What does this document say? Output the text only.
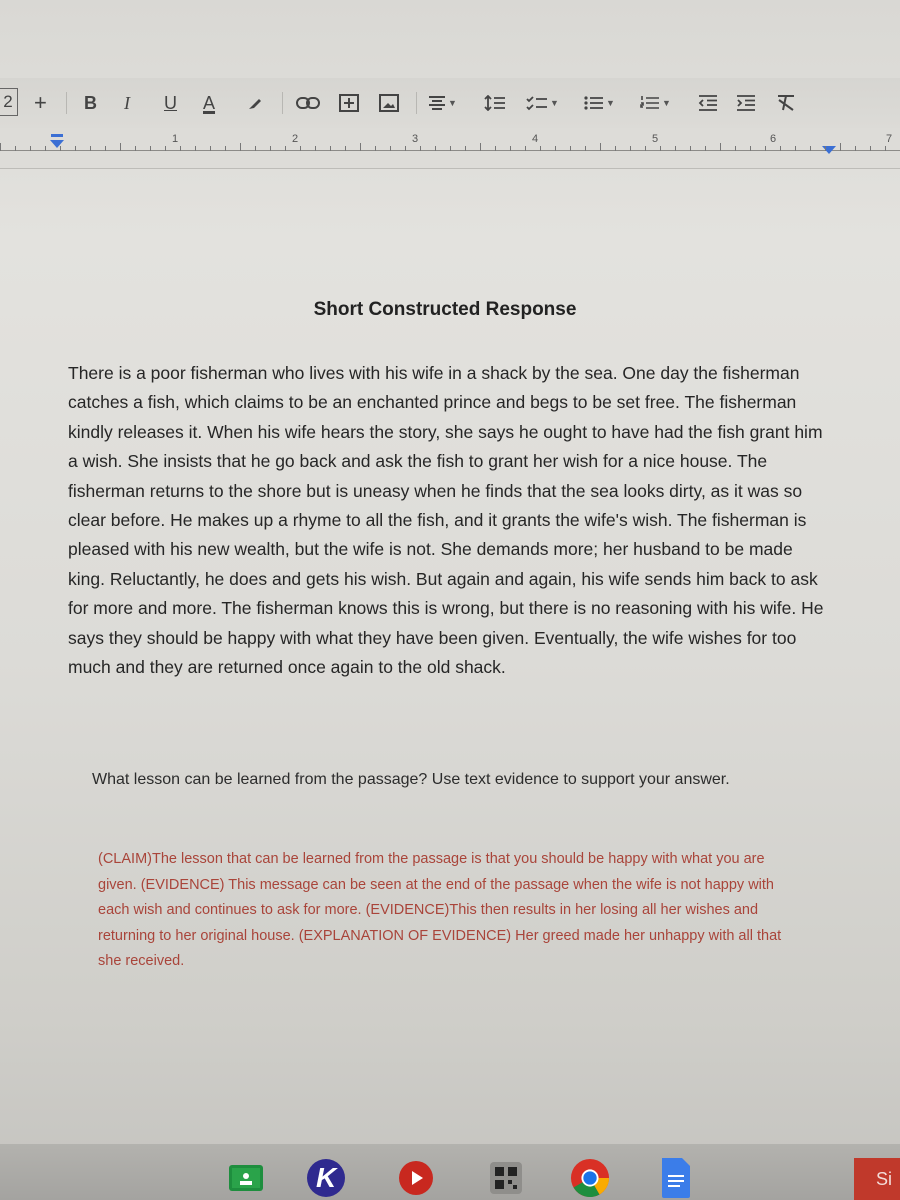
2 + B I U A	▼	▼	▼	▼
1	2	3	4	5	6	7
Short Constructed Response

There is a poor fisherman who lives with his wife in a shack by the sea. One day the fisherman catches a fish, which claims to be an enchanted prince and begs to be set free. The fisherman kindly releases it. When his wife hears the story, she says he ought to have had the fish grant him a wish. She insists that he go back and ask the fish to grant her wish for a nice house. The fisherman returns to the shore but is uneasy when he finds that the sea looks dirty, as it was so clear before. He makes up a rhyme to all the fish, and it grants the wife's wish. The fisherman is pleased with his new wealth, but the wife is not. She demands more; her husband to be made king. Reluctantly, he does and gets his wish. But again and again, his wife sends him back to ask for more and more. The fisherman knows this is wrong, but there is no reasoning with his wife. He says they should be happy with what they have been given. Eventually, the wife wishes for too much and they are returned once again to the old shack.

What lesson can be learned from the passage? Use text evidence to support your answer.

(CLAIM)The lesson that can be learned from the passage is that you should be happy with what you are given. (EVIDENCE) This message can be seen at the end of the passage when the wife is not happy with each wish and continues to ask for more. (EVIDENCE)This then results in her losing all her wishes and returning to her original house. (EXPLANATION OF EVIDENCE) Her greed made her unhappy with all that she received.

K	Si
